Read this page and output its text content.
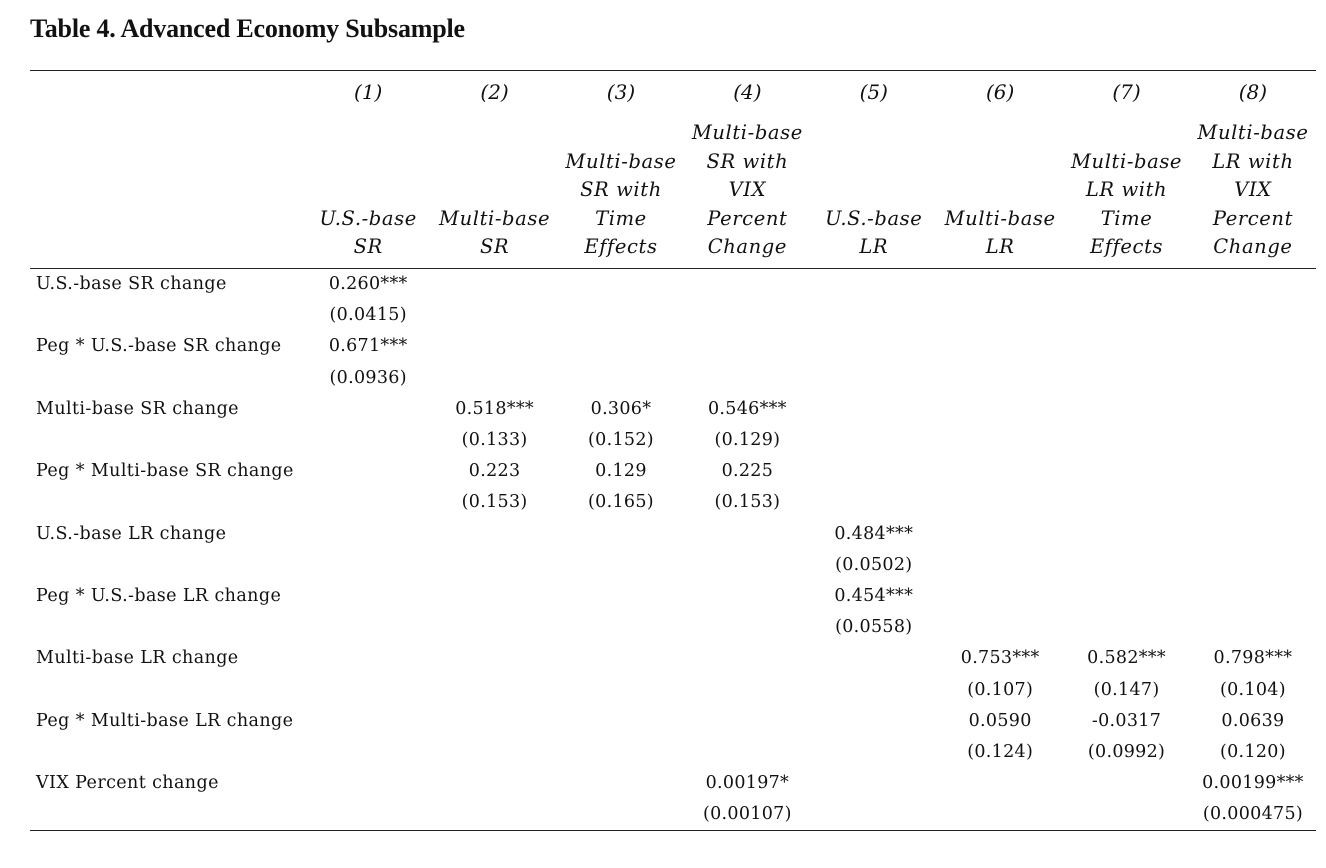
Table 4. Advanced Economy Subsample
	(1)	(2)	(3)	(4)	(5)	(6)	(7)	(8)
	U.S.-base SR	Multi-base SR	Multi-base SR with Time Effects	Multi-base SR with VIX Percent Change	U.S.-base LR	Multi-base LR	Multi-base LR with Time Effects	Multi-base LR with VIX Percent Change
U.S.-base SR change	0.260***							
	(0.0415)							
Peg * U.S.-base SR change	0.671***							
	(0.0936)							
Multi-base SR change		0.518***	0.306*	0.546***				
		(0.133)	(0.152)	(0.129)				
Peg * Multi-base SR change		0.223	0.129	0.225				
		(0.153)	(0.165)	(0.153)				
U.S.-base LR change					0.484***			
					(0.0502)			
Peg * U.S.-base LR change					0.454***			
					(0.0558)			
Multi-base LR change						0.753***	0.582***	0.798***
						(0.107)	(0.147)	(0.104)
Peg * Multi-base LR change						0.0590	-0.0317	0.0639
						(0.124)	(0.0992)	(0.120)
VIX Percent change				0.00197*				0.00199***
				(0.00107)				(0.000475)
